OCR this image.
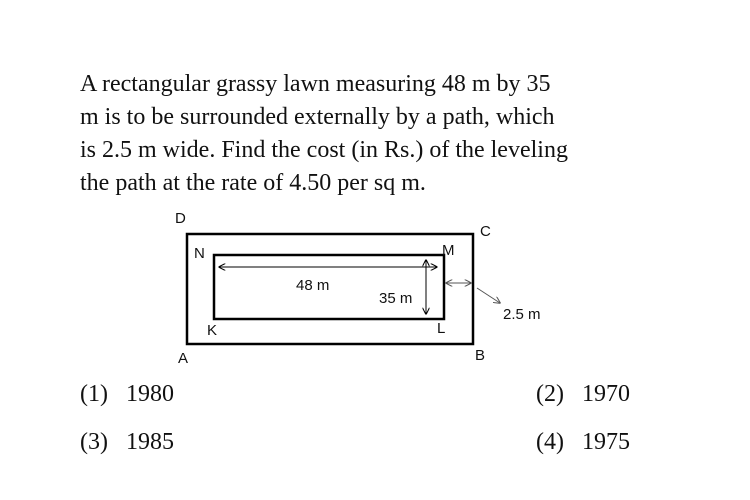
A rectangular grassy lawn measuring 48 m by 35
m is to be surrounded externally by a path, which
is 2.5 m wide. Find the cost (in Rs.) of the leveling
the path at the rate of 4.50 per sq m.
D
C
A	B
N	M
K	L
48 m
35 m
2.5 m
(1) 1980	(2) 1970
(3) 1985	(4) 1975
